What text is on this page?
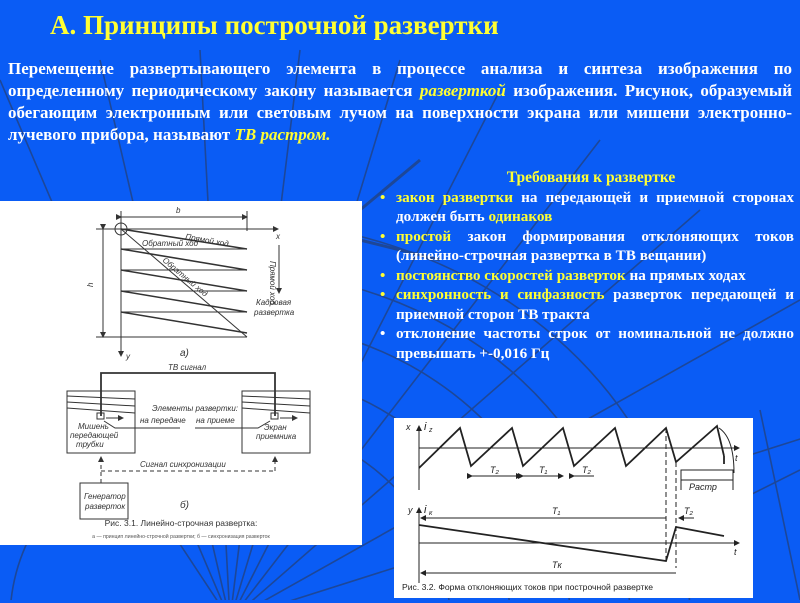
А. Принципы построчной развертки
Перемещение развертывающего элемента в процессе анализа и синтеза изображения по определенному периодическому закону называется разверткой изображения. Рисунок, образуемый обегающим электронным или световым лучом на поверхности экрана или мишени электронно-лучевого прибора, называют ТВ растром.
Требования к развертке
• закон развертки на передающей и приемной сторонах должен быть одинаков
• простой закон формирования отклоняющих токов (линейно-строчная развертка в ТВ вещании)
• постоянство скоростей разверток на прямых ходах
• синхронность и синфазность разверток передающей и приемной сторон ТВ тракта
• отклонение частоты строк от номинальной не должно превышать +-0,016 Гц
b
h
x
y
Прямой ход
Обратный ход
Обратный ход	Прямой ход
Кадровая
развертка
а)
ТВ сигнал
Элементы развертки:
на передаче на приеме
Мишень
передающей
трубки
Экран
приемника
Сигнал синхронизации
Генератор
разверток	б)
Рис. 3.1. Линейно-строчная развертка:
а — принцип линейно-строчной развертки; б — синхронизация разверток
x i z
t
T₂	T₁	T₂
Растр
y i к	T₁	T₂
t
Tк
Рис. 3.2. Форма отклоняющих токов при построчной развертке
